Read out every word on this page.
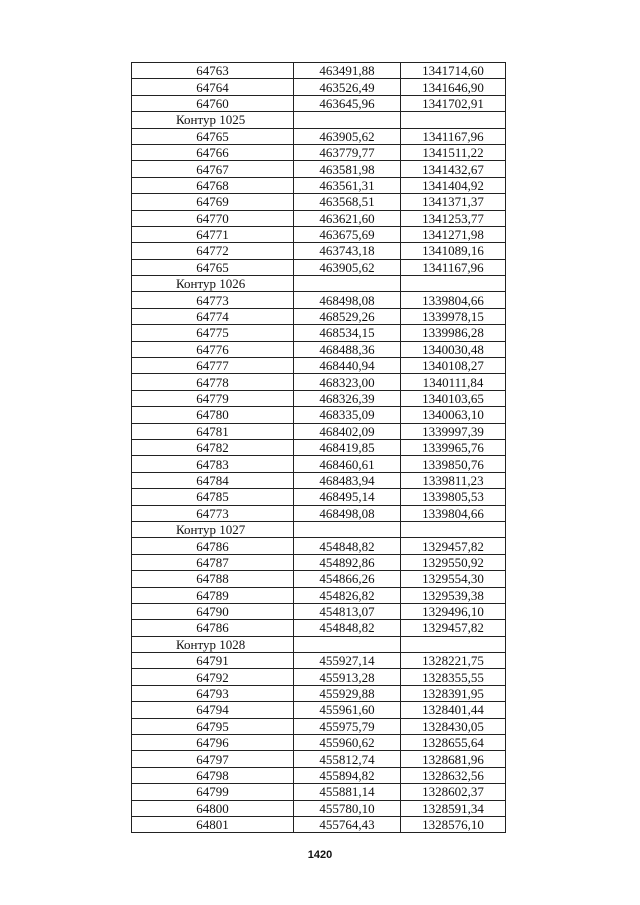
64763	463491,88	1341714,60
64764	463526,49	1341646,90
64760	463645,96	1341702,91
Контур 1025		
64765	463905,62	1341167,96
64766	463779,77	1341511,22
64767	463581,98	1341432,67
64768	463561,31	1341404,92
64769	463568,51	1341371,37
64770	463621,60	1341253,77
64771	463675,69	1341271,98
64772	463743,18	1341089,16
64765	463905,62	1341167,96
Контур 1026		
64773	468498,08	1339804,66
64774	468529,26	1339978,15
64775	468534,15	1339986,28
64776	468488,36	1340030,48
64777	468440,94	1340108,27
64778	468323,00	1340111,84
64779	468326,39	1340103,65
64780	468335,09	1340063,10
64781	468402,09	1339997,39
64782	468419,85	1339965,76
64783	468460,61	1339850,76
64784	468483,94	1339811,23
64785	468495,14	1339805,53
64773	468498,08	1339804,66
Контур 1027		
64786	454848,82	1329457,82
64787	454892,86	1329550,92
64788	454866,26	1329554,30
64789	454826,82	1329539,38
64790	454813,07	1329496,10
64786	454848,82	1329457,82
Контур 1028		
64791	455927,14	1328221,75
64792	455913,28	1328355,55
64793	455929,88	1328391,95
64794	455961,60	1328401,44
64795	455975,79	1328430,05
64796	455960,62	1328655,64
64797	455812,74	1328681,96
64798	455894,82	1328632,56
64799	455881,14	1328602,37
64800	455780,10	1328591,34
64801	455764,43	1328576,10
1420
